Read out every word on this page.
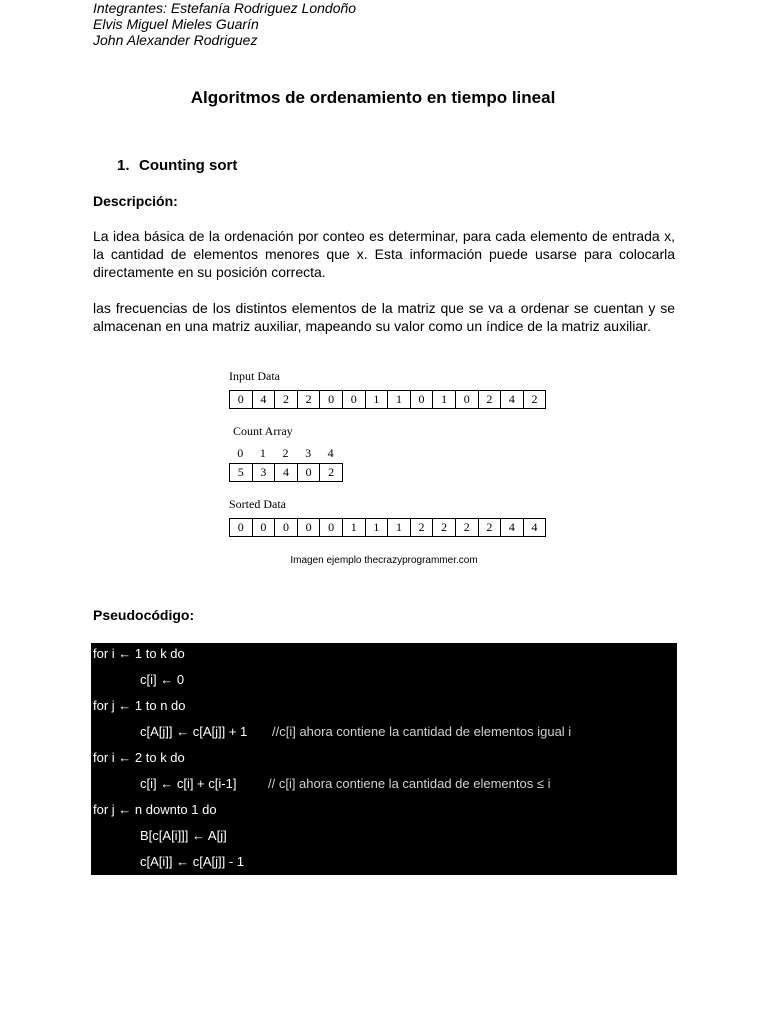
Integrantes: Estefanía Rodriguez Londoño
Elvis Miguel Mieles Guarín
John Alexander Rodriguez
Algoritmos de ordenamiento en tiempo lineal
1. Counting sort
Descripción:
La idea básica de la ordenación por conteo es determinar, para cada elemento de entrada x,
la cantidad de elementos menores que x. Esta información puede usarse para colocarla
directamente en su posición correcta.
las frecuencias de los distintos elementos de la matriz que se va a ordenar se cuentan y se
almacenan en una matriz auxiliar, mapeando su valor como un índice de la matriz auxiliar.
Input Data
0	4	2	2	0	0	1	1	0	1	0	2	4	2
Count Array
0	1	2	3	4
5	3	4	0	2
Sorted Data
0	0	0	0	0	1	1	1	2	2	2	2	4	4
Imagen ejemplo thecrazyprogrammer.com
Pseudocódigo:
for i ← 1 to k do
c[i] ← 0
for j ← 1 to n do
c[A[j]] ← c[A[j]] + 1 //c[i] ahora contiene la cantidad de elementos igual i
for i ← 2 to k do
c[i] ← c[i] + c[i-1] // c[i] ahora contiene la cantidad de elementos ≤ i
for j ← n downto 1 do
B[c[A[i]]] ← A[j]
c[A[i]] ← c[A[j]] - 1
